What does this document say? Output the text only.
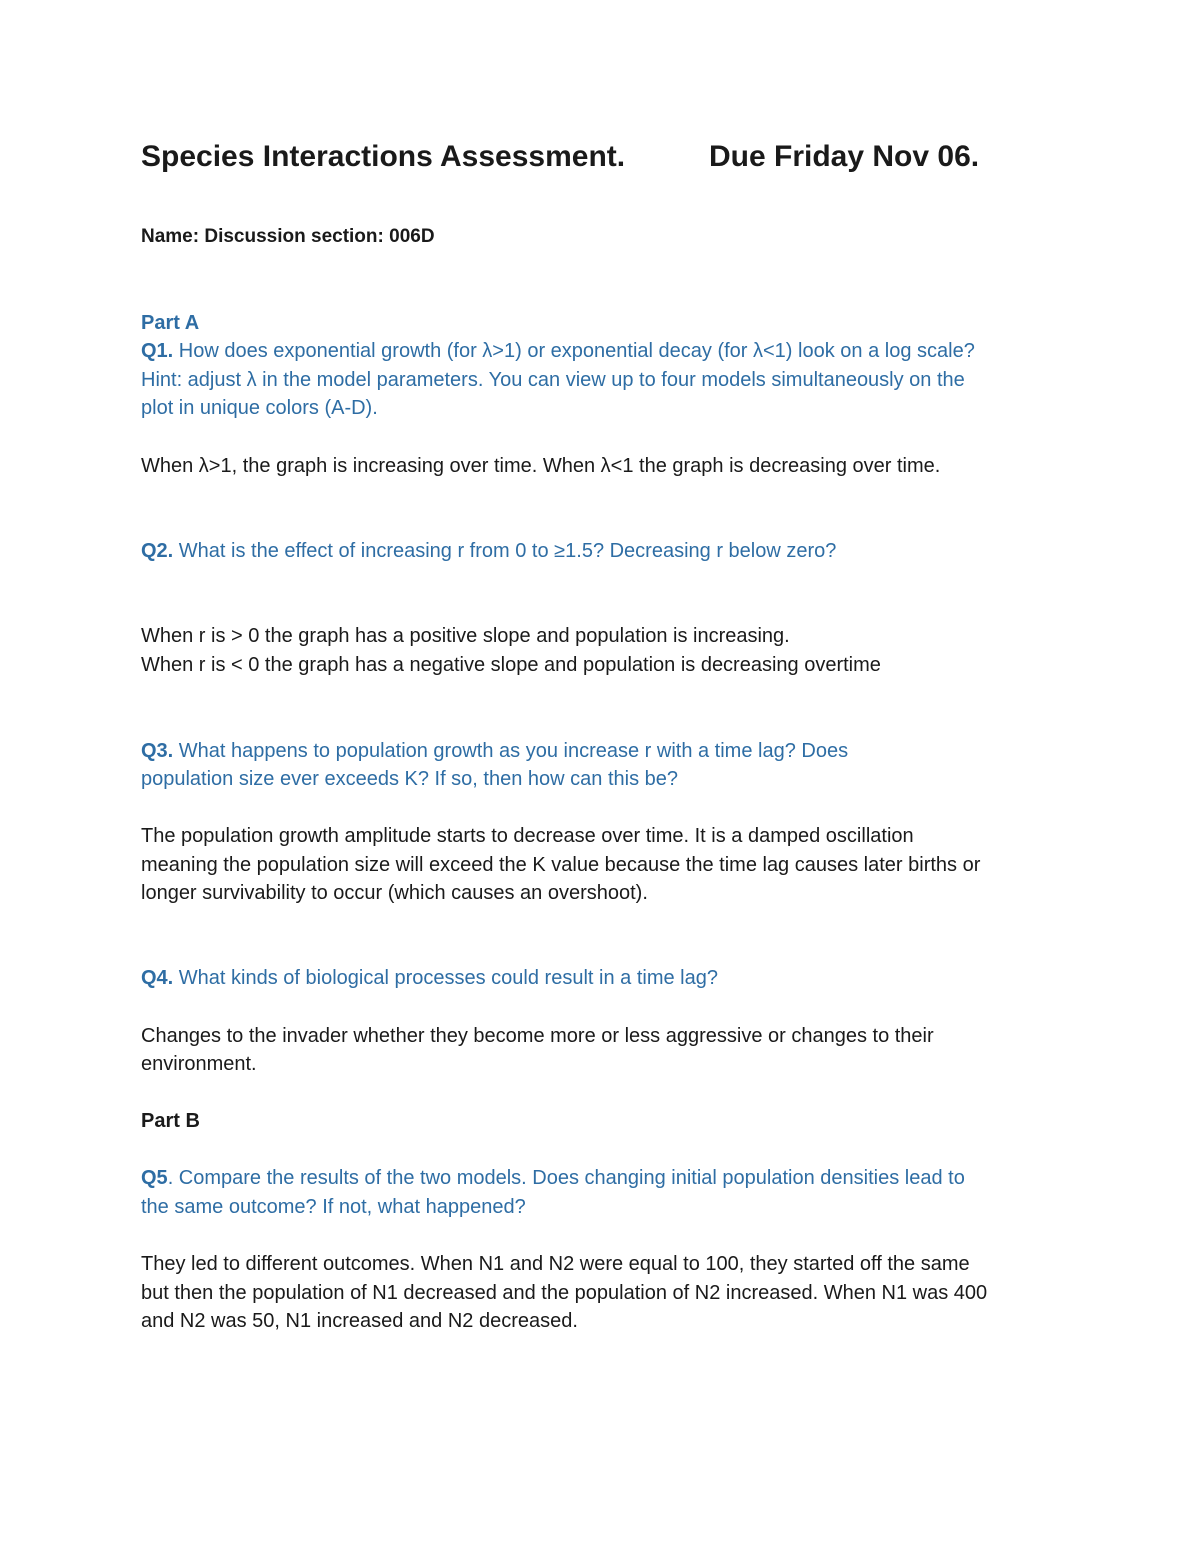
Species Interactions Assessment.	Due Friday Nov 06.
Name: Discussion section: 006D
Part A
Q1. How does exponential growth (for λ>1) or exponential decay (for λ<1) look on a log scale?
Hint: adjust λ in the model parameters. You can view up to four models simultaneously on the
plot in unique colors (A-D).
When λ>1, the graph is increasing over time. When λ<1 the graph is decreasing over time.
Q2. What is the effect of increasing r from 0 to ≥1.5? Decreasing r below zero?
When r is > 0 the graph has a positive slope and population is increasing.
When r is < 0 the graph has a negative slope and population is decreasing overtime
Q3. What happens to population growth as you increase r with a time lag? Does
population size ever exceeds K? If so, then how can this be?
The population growth amplitude starts to decrease over time. It is a damped oscillation
meaning the population size will exceed the K value because the time lag causes later births or
longer survivability to occur (which causes an overshoot).
Q4. What kinds of biological processes could result in a time lag?
Changes to the invader whether they become more or less aggressive or changes to their
environment.
Part B
Q5. Compare the results of the two models. Does changing initial population densities lead to
the same outcome? If not, what happened?
They led to different outcomes. When N1 and N2 were equal to 100, they started off the same
but then the population of N1 decreased and the population of N2 increased. When N1 was 400
and N2 was 50, N1 increased and N2 decreased.
